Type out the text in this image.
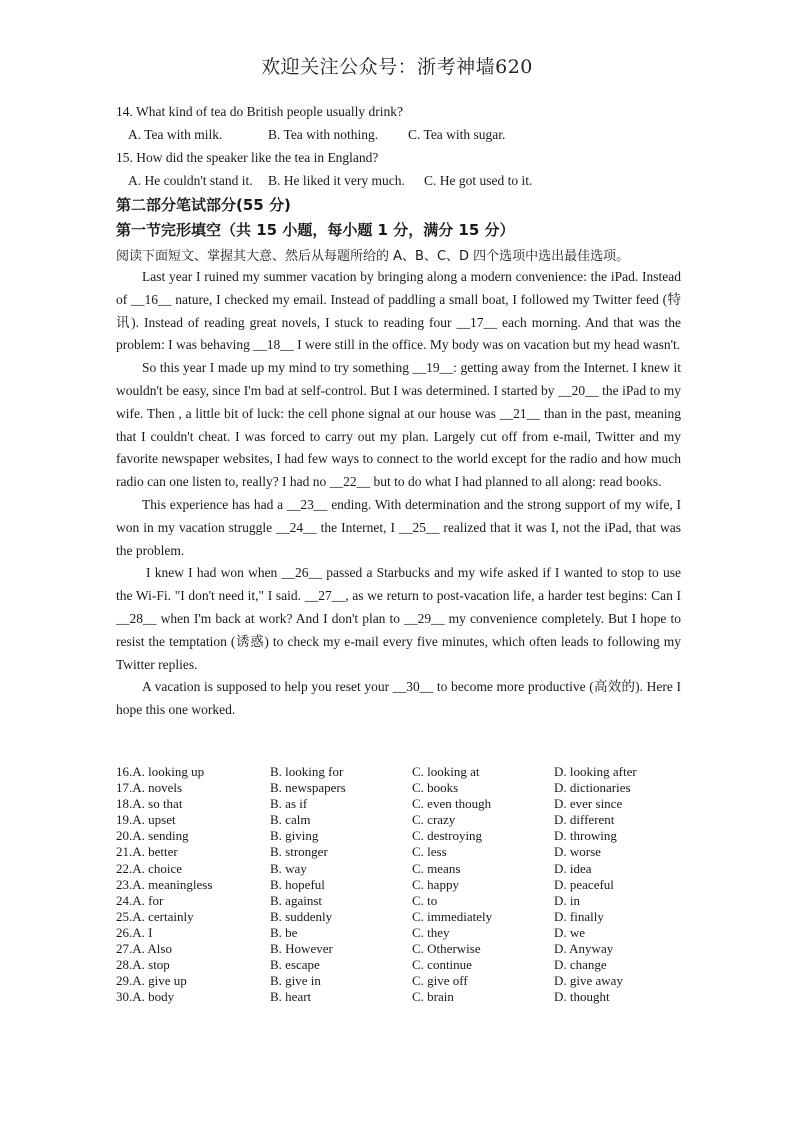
欢迎关注公众号：浙考神墙620

14. What kind of tea do British people usually drink?

A. Tea with milk.	B. Tea with nothing.	C. Tea with sugar.

15. How did the speaker like the tea in England?

A. He couldn't stand it.	B. He liked it very much.	C. He got used to it.
第二部分笔试部分(55 分)
第一节完形填空（共 15 小题，每小题 1 分，满分 15 分）
阅读下面短文、掌握其大意、然后从每题所给的 A、B、C、D 四个选项中选出最佳选项。

Last year I ruined my summer vacation by bringing along a modern convenience: the iPad. Instead of __16__ nature, I checked my email. Instead of paddling a small boat, I followed my Twitter feed (特讯). Instead of reading great novels, I stuck to reading four __17__ each morning. And that was the problem: I was behaving __18__ I were still in the office. My body was on vacation but my head wasn't.

So this year I made up my mind to try something __19__: getting away from the Internet. I knew it wouldn't be easy, since I'm bad at self-control. But I was determined. I started by __20__ the iPad to my wife. Then , a little bit of luck: the cell phone signal at our house was __21__ than in the past, meaning that I couldn't cheat. I was forced to carry out my plan. Largely cut off from e-mail, Twitter and my favorite newspaper websites, I had few ways to connect to the world except for the radio and how much radio can one listen to, really? I had no __22__ but to do what I had planned to all along: read books.

This experience has had a __23__ ending. With determination and the strong support of my wife, I won in my vacation struggle __24__ the Internet, I __25__ realized that it was I, not the iPad, that was the problem.

I knew I had won when __26__ passed a Starbucks and my wife asked if I wanted to stop to use the Wi-Fi. "I don't need it," I said. __27__, as we return to post-vacation life, a harder test begins: Can I __28__ when I'm back at work? And I don't plan to __29__ my convenience completely. But I hope to resist the temptation (诱惑) to check my e-mail every five minutes, which often leads to following my Twitter replies.

A vacation is supposed to help you reset your __30__ to become more productive (高效的). Here I hope this one worked.

16.A. looking up	B. looking for	C. looking at	D. looking after
17.A. novels	B. newspapers	C. books	D. dictionaries
18.A. so that	B. as if	C. even though	D. ever since
19.A. upset	B. calm	C. crazy	D. different
20.A. sending	B. giving	C. destroying	D. throwing
21.A. better	B. stronger	C. less	D. worse
22.A. choice	B. way	C. means	D. idea
23.A. meaningless	B. hopeful	C. happy	D. peaceful
24.A. for	B. against	C. to	D. in
25.A. certainly	B. suddenly	C. immediately	D. finally
26.A. I	B. be	C. they	D. we
27.A. Also	B. However	C. Otherwise	D. Anyway
28.A. stop	B. escape	C. continue	D. change
29.A. give up	B. give in	C. give off	D. give away
30.A. body	B. heart	C. brain	D. thought
